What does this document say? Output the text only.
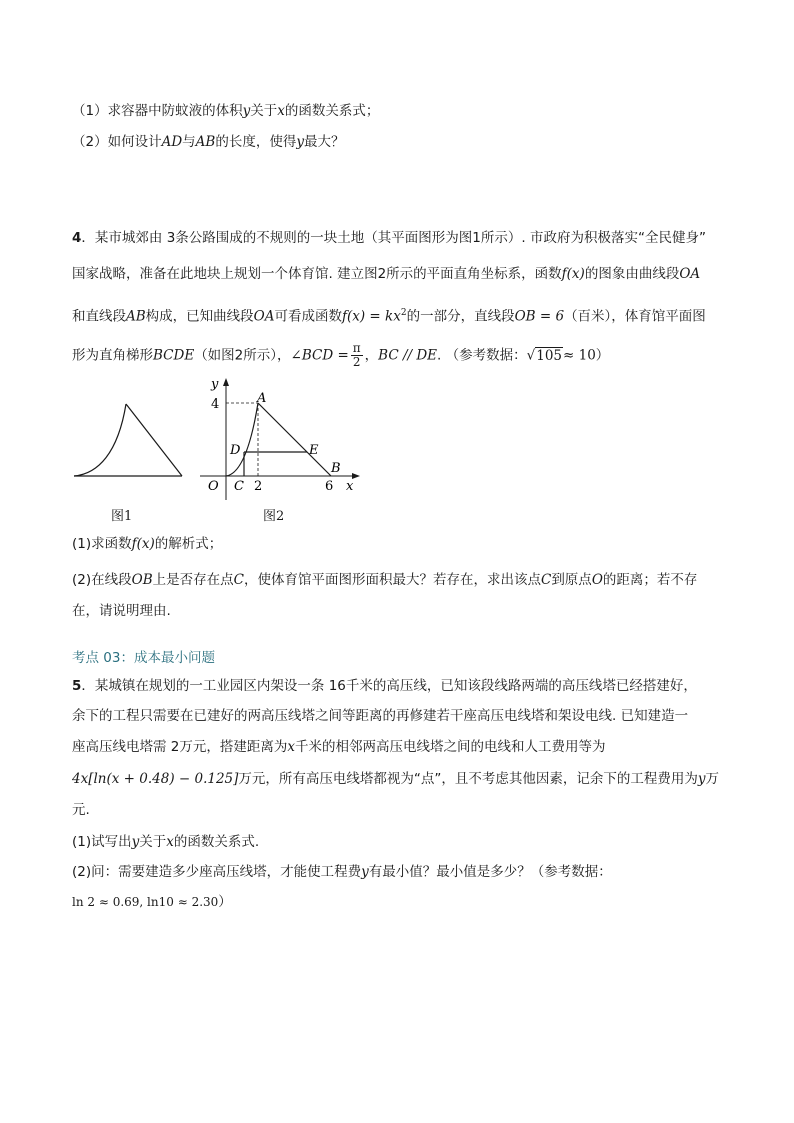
（1）求容器中防蚊液的体积y关于x的函数关系式；
（2）如何设计AD与AB的长度，使得y最大？
4．某市城郊由 3条公路围成的不规则的一块土地（其平面图形为图1所示）. 市政府为积极落实“全民健身”
国家战略，准备在此地块上规划一个体育馆. 建立图2所示的平面直角坐标系，函数f(x)的图象由曲线段OA
和直线段AB构成，已知曲线段OA可看成函数$f(x) = kx^2$的一部分，直线段OB = 6（百米），体育馆平面图
形为直角梯形BCDE（如图2所示），∠BCD = $\frac{\pi}{2}$ ，BC // DE. （参考数据：√105≈ 10）
图1
y
x
O
A
B
C
D	E
4
2	6
图2
(1)求函数f(x)的解析式；
(2)在线段OB上是否存在点C，使体育馆平面图形面积最大？若存在，求出该点C到原点O的距离；若不存
在，请说明理由.
考点 03：成本最小问题
5．某城镇在规划的一工业园区内架设一条 16千米的高压线，已知该段线路两端的高压线塔已经搭建好，
余下的工程只需要在已建好的两高压线塔之间等距离的再修建若干座高压电线塔和架设电线. 已知建造一
座高压线电塔需 2万元，搭建距离为x千米的相邻两高压电线塔之间的电线和人工费用等为
4x[ln(x + 0.48) − 0.125]万元，所有高压电线塔都视为“点”，且不考虑其他因素，记余下的工程费用为y万
元.
(1)试写出y关于x的函数关系式.
(2)问：需要建造多少座高压线塔，才能使工程费y有最小值？最小值是多少？（参考数据：
ln 2 ≈ 0.69, ln10 ≈ 2.30）
